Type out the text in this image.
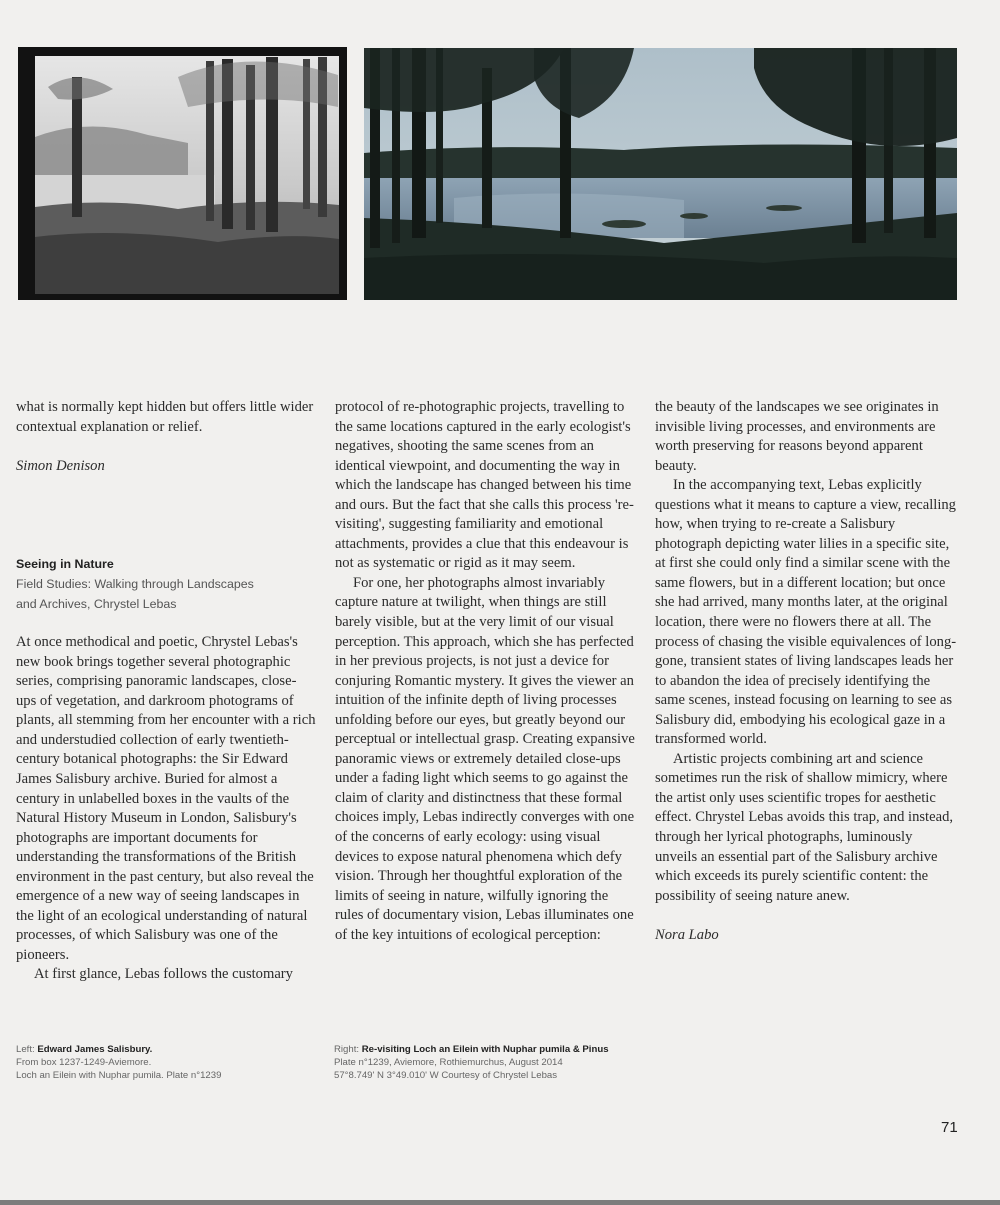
what is normally kept hidden but offers little wider contextual explanation or relief.

Simon Denison

Seeing in Nature
Field Studies: Walking through Landscapes
and Archives, Chrystel Lebas

At once methodical and poetic, Chrystel Lebas's new book brings together several photographic series, comprising panoramic landscapes, close-ups of vegetation, and darkroom photograms of plants, all stemming from her encounter with a rich and understudied collection of early twentieth-century botanical photographs: the Sir Edward James Salisbury archive. Buried for almost a century in unlabelled boxes in the vaults of the Natural History Museum in London, Salisbury's photographs are important documents for understanding the transformations of the British environment in the past century, but also reveal the emergence of a new way of seeing landscapes in the light of an ecological understanding of natural processes, of which Salisbury was one of the pioneers.

At first glance, Lebas follows the customary

protocol of re-photographic projects, travelling to the same locations captured in the early ecologist's negatives, shooting the same scenes from an identical viewpoint, and documenting the way in which the landscape has changed between his time and ours. But the fact that she calls this process 're-visiting', suggesting familiarity and emotional attachments, provides a clue that this endeavour is not as systematic or rigid as it may seem.

For one, her photographs almost invariably capture nature at twilight, when things are still barely visible, but at the very limit of our visual perception. This approach, which she has perfected in her previous projects, is not just a device for conjuring Romantic mystery. It gives the viewer an intuition of the infinite depth of living processes unfolding before our eyes, but greatly beyond our perceptual or intellectual grasp. Creating expansive panoramic views or extremely detailed close-ups under a fading light which seems to go against the claim of clarity and distinctness that these formal choices imply, Lebas indirectly converges with one of the concerns of early ecology: using visual devices to expose natural phenomena which defy vision. Through her thoughtful exploration of the limits of seeing in nature, wilfully ignoring the rules of documentary vision, Lebas illuminates one of the key intuitions of ecological perception:

the beauty of the landscapes we see originates in invisible living processes, and environments are worth preserving for reasons beyond apparent beauty.

In the accompanying text, Lebas explicitly questions what it means to capture a view, recalling how, when trying to re-create a Salisbury photograph depicting water lilies in a specific site, at first she could only find a similar scene with the same flowers, but in a different location; but once she had arrived, many months later, at the original location, there were no flowers there at all. The process of chasing the visible equivalences of long-gone, transient states of living landscapes leads her to abandon the idea of precisely identifying the same scenes, instead focusing on learning to see as Salisbury did, embodying his ecological gaze in a transformed world.

Artistic projects combining art and science sometimes run the risk of shallow mimicry, where the artist only uses scientific tropes for aesthetic effect. Chrystel Lebas avoids this trap, and instead, through her lyrical photographs, luminously unveils an essential part of the Salisbury archive which exceeds its purely scientific content: the possibility of seeing nature anew.

Nora Labo

Left: Edward James Salisbury.
From box 1237-1249-Aviemore.
Loch an Eilein with Nuphar pumila. Plate n°1239
Right: Re-visiting Loch an Eilein with Nuphar pumila & Pinus
Plate n°1239, Aviemore, Rothiemurchus, August 2014
57°8.749' N 3°49.010' W Courtesy of Chrystel Lebas
71
